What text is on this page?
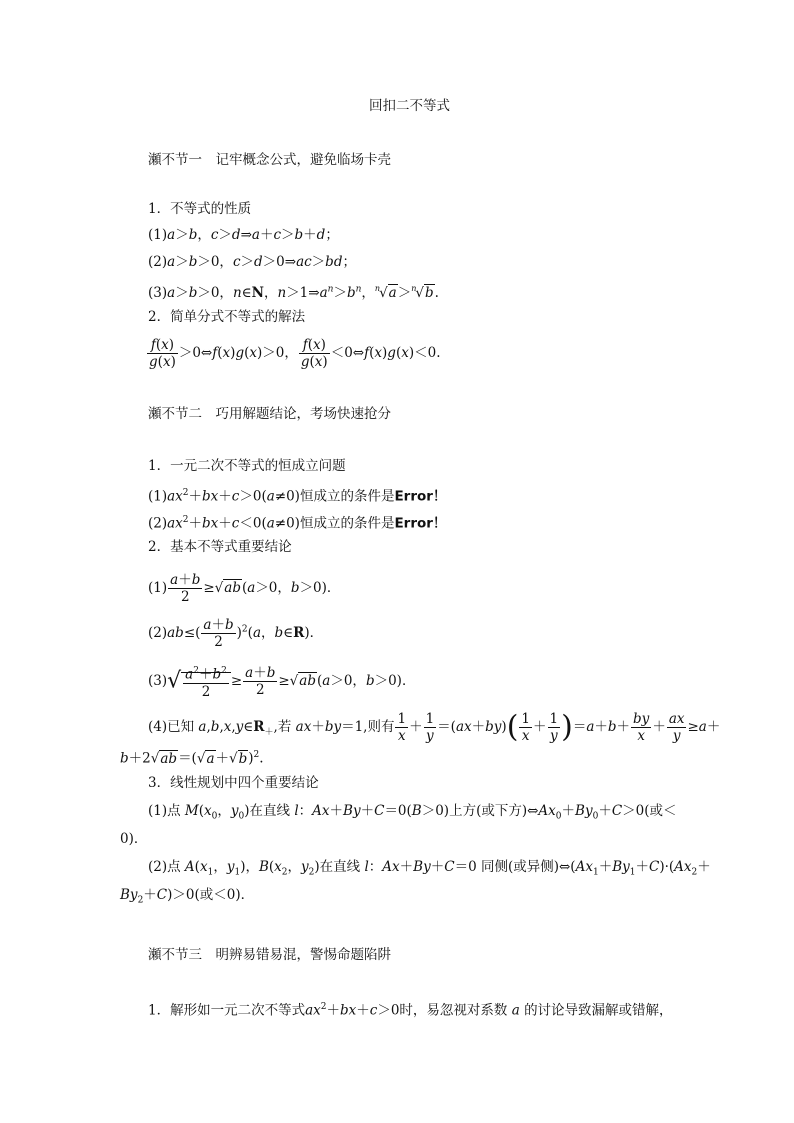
回扣二不等式
瀬不节一　记牢概念公式，避免临场卡壳
1．不等式的性质
(1)a＞b，c＞d⇒a＋c＞b＋d；
(2)a＞b＞0，c＞d＞0⇒ac＞bd；
(3)a＞b＞0，n∈N，$n>1\Rightarrow a^n>b^n$，$^n$√a＞$^n$√b.
2．简单分式不等式的解法
$\frac{f(x)}{g(x)}$ ＞0⇔f(x)g(x)＞0， $\frac{f(x)}{g(x)}$ ＜0⇔f(x)g(x)＜0.
瀬不节二　巧用解题结论，考场快速抢分
1．一元二次不等式的恒成立问题
$(1)ax^2+bx+c>0(a\ne 0)$恒成立的条件是Error！
$(2)ax^2+bx+c<0(a\ne 0)$恒成立的条件是Error！
2．基本不等式重要结论
$(1) \frac{a+b}{2} \ge√ab(a>0$，b＞0)．
$(2)ab\le( \frac{a+b}{2} )^2(a$，b∈R)．
$(3)√ \frac{a^2+b^2}{2} \ge \frac{a+b}{2} \ge√ab(a>0$，b＞0)．
(4)已知 $a,b,x,y\in R_+$,若 ax＋by＝1,则有 $\frac{1}{x} + \frac{1}{y} =(ax+by)( \frac{1}{x} + \frac{1}{y} )=a+b+ \frac{by}{x} + \frac{ax}{y} \ge a+$
$b+2√ab=(√a+√b)^2$.
3．线性规划中四个重要结论
(1)点 $M(x_0$，$y_0$)在直线 l：Ax＋By＋C＝0(B＞0)上方(或下方)$\Leftrightarrow Ax_0+By_0+C>0$(或＜
0)．
(2)点 $A(x_1$，$y_1$)，$B(x_2$，$y_2$)在直线 l：Ax＋By＋C＝0 同侧(或异侧)$\Leftrightarrow(Ax_1+By_1+C)\cdot(Ax_2+$
$By_2+C)>0$(或＜0)．
瀬不节三　明辨易错易混，警惕命题陷阱
1．解形如一元二次不等式$ax^2+bx+c>0$时，易忽视对系数 a 的讨论导致漏解或错解，
